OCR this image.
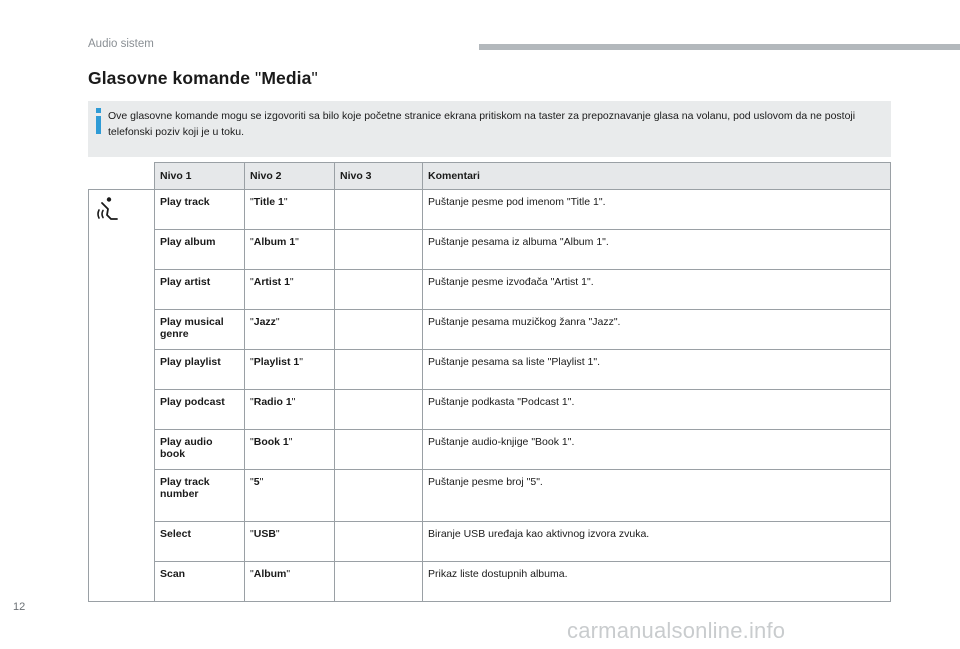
Audio sistem
Glasovne komande "Media"
Ove glasovne komande mogu se izgovoriti sa bilo koje početne stranice ekrana pritiskom na taster za prepoznavanje glasa na volanu, pod uslovom da ne postoji telefonski poziv koji je u toku.
	Nivo 1	Nivo 2	Nivo 3	Komentari
	Play track	"Title 1"		Puštanje pesme pod imenom "Title 1".
	Play album	"Album 1"		Puštanje pesama iz albuma "Album 1".
	Play artist	"Artist 1"		Puštanje pesme izvođača "Artist 1".
	Play musical genre	"Jazz"		Puštanje pesama muzičkog žanra "Jazz".
	Play playlist	"Playlist 1"		Puštanje pesama sa liste "Playlist 1".
	Play podcast	"Radio 1"		Puštanje podkasta "Podcast 1".
	Play audio book	"Book 1"		Puštanje audio-knjige "Book 1".
	Play track number	"5"		Puštanje pesme broj "5".
	Select	"USB"		Biranje USB uređaja kao aktivnog izvora zvuka.
	Scan	"Album"		Prikaz liste dostupnih albuma.
12
carmanualsonline.info
